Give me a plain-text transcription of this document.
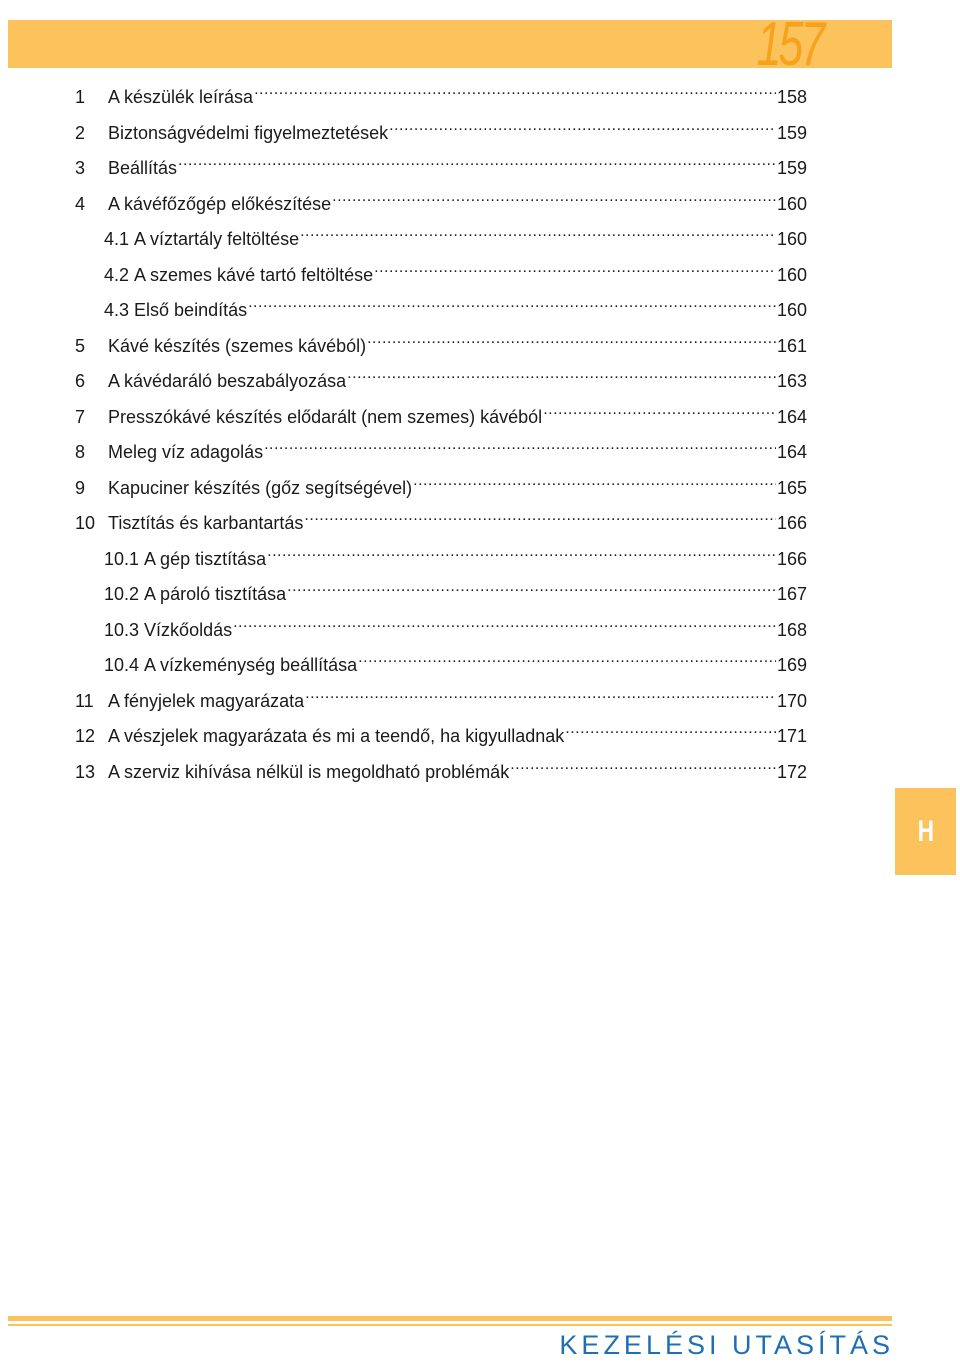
157
1	A készülék leírása .....	158
2	Biztonságvédelmi figyelmeztetések .....	159
3	Beállítás .....	159
4	A kávéfőzőgép előkészítése .....	160
4.1 A víztartály feltöltése .....	160
4.2 A szemes kávé tartó feltöltése .....	160
4.3 Első beindítás .....	160
5	Kávé készítés (szemes kávéból) .....	161
6	A kávédaráló beszabályozása .....	163
7	Presszókávé készítés elődarált (nem szemes) kávéból .....	164
8	Meleg víz adagolás .....	164
9	Kapuciner készítés (gőz segítségével) .....	165
10 Tisztítás és karbantartás .....	166
10.1 A gép tisztítása .....	166
10.2 A pároló tisztítása .....	167
10.3 Vízkőoldás .....	168
10.4 A vízkeménység beállítása .....	169
11 A fényjelek magyarázata .....	170
12 A vészjelek magyarázata és mi a teendő, ha kigyulladnak .....	171
13 A szerviz kihívása nélkül is megoldható problémák .....	172
H
KEZELÉSI UTASÍTÁS
